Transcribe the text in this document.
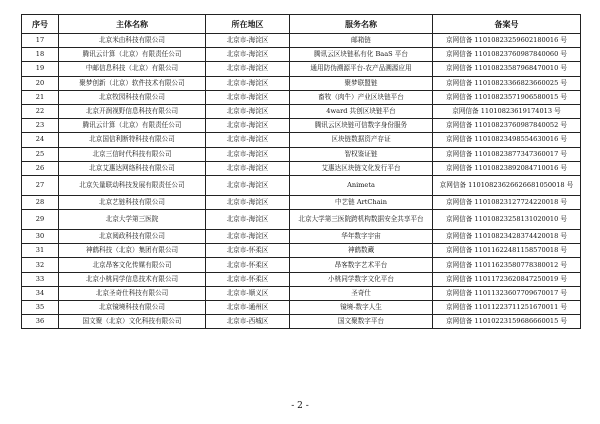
序号	主体名称	所在地区	服务名称	备案号
17	北京米由科技有限公司	北京市-海淀区	邮箱链	京网信备 11010823259602180016 号
18	腾讯云计算（北京）有限责任公司	北京市-海淀区	腾讯云区块链私有化 BaaS 平台	京网信备 11010823760987840060 号
19	中邮信息科技（北京）有限公司	北京市-海淀区	通用防伪溯源平台-农产品溯源应用	京网信备 11010823587968470010 号
20	聚梦创新（北京）软件技术有限公司	北京市-海淀区	聚梦联盟链	京网信备 11010823366823660025 号
21	北京牧园科技有限公司	北京市-海淀区	畜牧（肉牛）产业区块链平台	京网信备 11010823571906580015 号
22	北京开润视野信息科技有限公司	北京市-海淀区	4ward 共创区块链平台	京网信备 11010823619174013 号
23	腾讯云计算（北京）有限责任公司	北京市-海淀区	腾讯云区块链可信数字身份服务	京网信备 11010823760987840052 号
24	北京国信利断特科技有限公司	北京市-海淀区	区块链数据资产存证	京网信备 11010823498554630016 号
25	北京三信时代科技有限公司	北京市-海淀区	智权鉴证链	京网信备 11010823877347360017 号
26	北京艾惠达网络科技有限公司	北京市-海淀区	艾惠达区块链文化发行平台	京网信备 11010823892084710016 号
27	北京矢量联动科技发展有限责任公司	北京市-海淀区	Animeta	京网信备 11010823626626681050018 号
28	北京艺链科技有限公司	北京市-海淀区	中艺链 ArtChain	京网信备 11010823127724220018 号
29	北京大学第三医院	北京市-海淀区	北京大学第三医院跨机构数据安全共享平台	京网信备 11010823258131020010 号
30	北京阅政科技有限公司	北京市-海淀区	华年数字宇宙	京网信备 11010823428374420018 号
31	神鹤科技（北京）集团有限公司	北京市-怀柔区	神鹤数藏	京网信备 11011622481158570018 号
32	北京昂客文化传媒有限公司	北京市-怀柔区	昂客数字艺术平台	京网信备 11011623580778380012 号
33	北京小桃同学信息技术有限公司	北京市-怀柔区	小桃同学数字文化平台	京网信备 11011723620847250019 号
34	北京圣奇仕科技有限公司	北京市-顺义区	圣奇仕	京网信备 11011323607709670017 号
35	北京镜境科技有限公司	北京市-通州区	镜境-数字人生	京网信备 11011223711251670011 号
36	国文聚（北京）文化科技有限公司	北京市-西城区	国文聚数字平台	京网信备 11010223159686660015 号
- 2 -
